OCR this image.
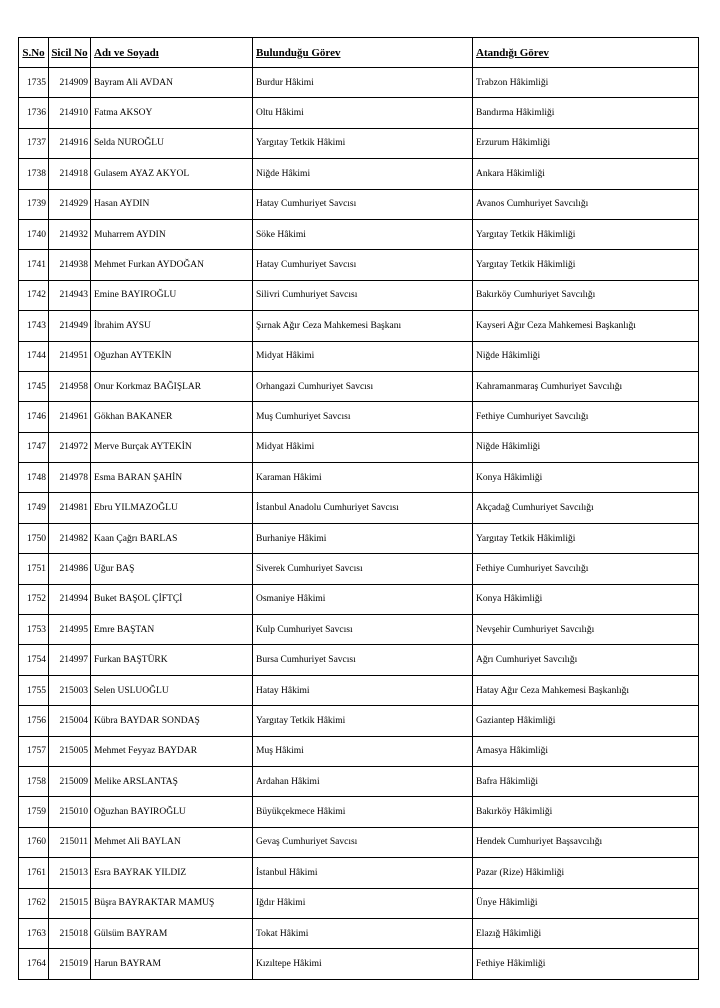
S.No	Sicil No	Adı ve Soyadı	Bulunduğu Görev	Atandığı Görev
1735	214909	Bayram Ali AVDAN	Burdur Hâkimi	Trabzon Hâkimliği
1736	214910	Fatma AKSOY	Oltu Hâkimi	Bandırma Hâkimliği
1737	214916	Selda NUROĞLU	Yargıtay Tetkik Hâkimi	Erzurum Hâkimliği
1738	214918	Gulasem AYAZ AKYOL	Niğde Hâkimi	Ankara Hâkimliği
1739	214929	Hasan AYDIN	Hatay Cumhuriyet Savcısı	Avanos Cumhuriyet Savcılığı
1740	214932	Muharrem AYDIN	Söke Hâkimi	Yargıtay Tetkik Hâkimliği
1741	214938	Mehmet Furkan AYDOĞAN	Hatay Cumhuriyet Savcısı	Yargıtay Tetkik Hâkimliği
1742	214943	Emine BAYIROĞLU	Silivri Cumhuriyet Savcısı	Bakırköy Cumhuriyet Savcılığı
1743	214949	İbrahim AYSU	Şırnak Ağır Ceza Mahkemesi Başkanı	Kayseri Ağır Ceza Mahkemesi Başkanlığı
1744	214951	Oğuzhan AYTEKİN	Midyat Hâkimi	Niğde Hâkimliği
1745	214958	Onur Korkmaz BAĞIŞLAR	Orhangazi Cumhuriyet Savcısı	Kahramanmaraş Cumhuriyet Savcılığı
1746	214961	Gökhan BAKANER	Muş Cumhuriyet Savcısı	Fethiye Cumhuriyet Savcılığı
1747	214972	Merve Burçak AYTEKİN	Midyat Hâkimi	Niğde Hâkimliği
1748	214978	Esma BARAN ŞAHİN	Karaman Hâkimi	Konya Hâkimliği
1749	214981	Ebru YILMAZOĞLU	İstanbul Anadolu Cumhuriyet Savcısı	Akçadağ Cumhuriyet Savcılığı
1750	214982	Kaan Çağrı BARLAS	Burhaniye Hâkimi	Yargıtay Tetkik Hâkimliği
1751	214986	Uğur BAŞ	Siverek Cumhuriyet Savcısı	Fethiye Cumhuriyet Savcılığı
1752	214994	Buket BAŞOL ÇİFTÇİ	Osmaniye Hâkimi	Konya Hâkimliği
1753	214995	Emre BAŞTAN	Kulp Cumhuriyet Savcısı	Nevşehir Cumhuriyet Savcılığı
1754	214997	Furkan BAŞTÜRK	Bursa Cumhuriyet Savcısı	Ağrı Cumhuriyet Savcılığı
1755	215003	Selen USLUOĞLU	Hatay Hâkimi	Hatay Ağır Ceza Mahkemesi Başkanlığı
1756	215004	Kübra BAYDAR SONDAŞ	Yargıtay Tetkik Hâkimi	Gaziantep Hâkimliği
1757	215005	Mehmet Feyyaz BAYDAR	Muş Hâkimi	Amasya Hâkimliği
1758	215009	Melike ARSLANTAŞ	Ardahan Hâkimi	Bafra Hâkimliği
1759	215010	Oğuzhan BAYIROĞLU	Büyükçekmece Hâkimi	Bakırköy Hâkimliği
1760	215011	Mehmet Ali BAYLAN	Gevaş Cumhuriyet Savcısı	Hendek Cumhuriyet Başsavcılığı
1761	215013	Esra BAYRAK YILDIZ	İstanbul Hâkimi	Pazar (Rize) Hâkimliği
1762	215015	Büşra BAYRAKTAR MAMUŞ	Iğdır Hâkimi	Ünye Hâkimliği
1763	215018	Gülsüm BAYRAM	Tokat Hâkimi	Elazığ Hâkimliği
1764	215019	Harun BAYRAM	Kızıltepe Hâkimi	Fethiye Hâkimliği
